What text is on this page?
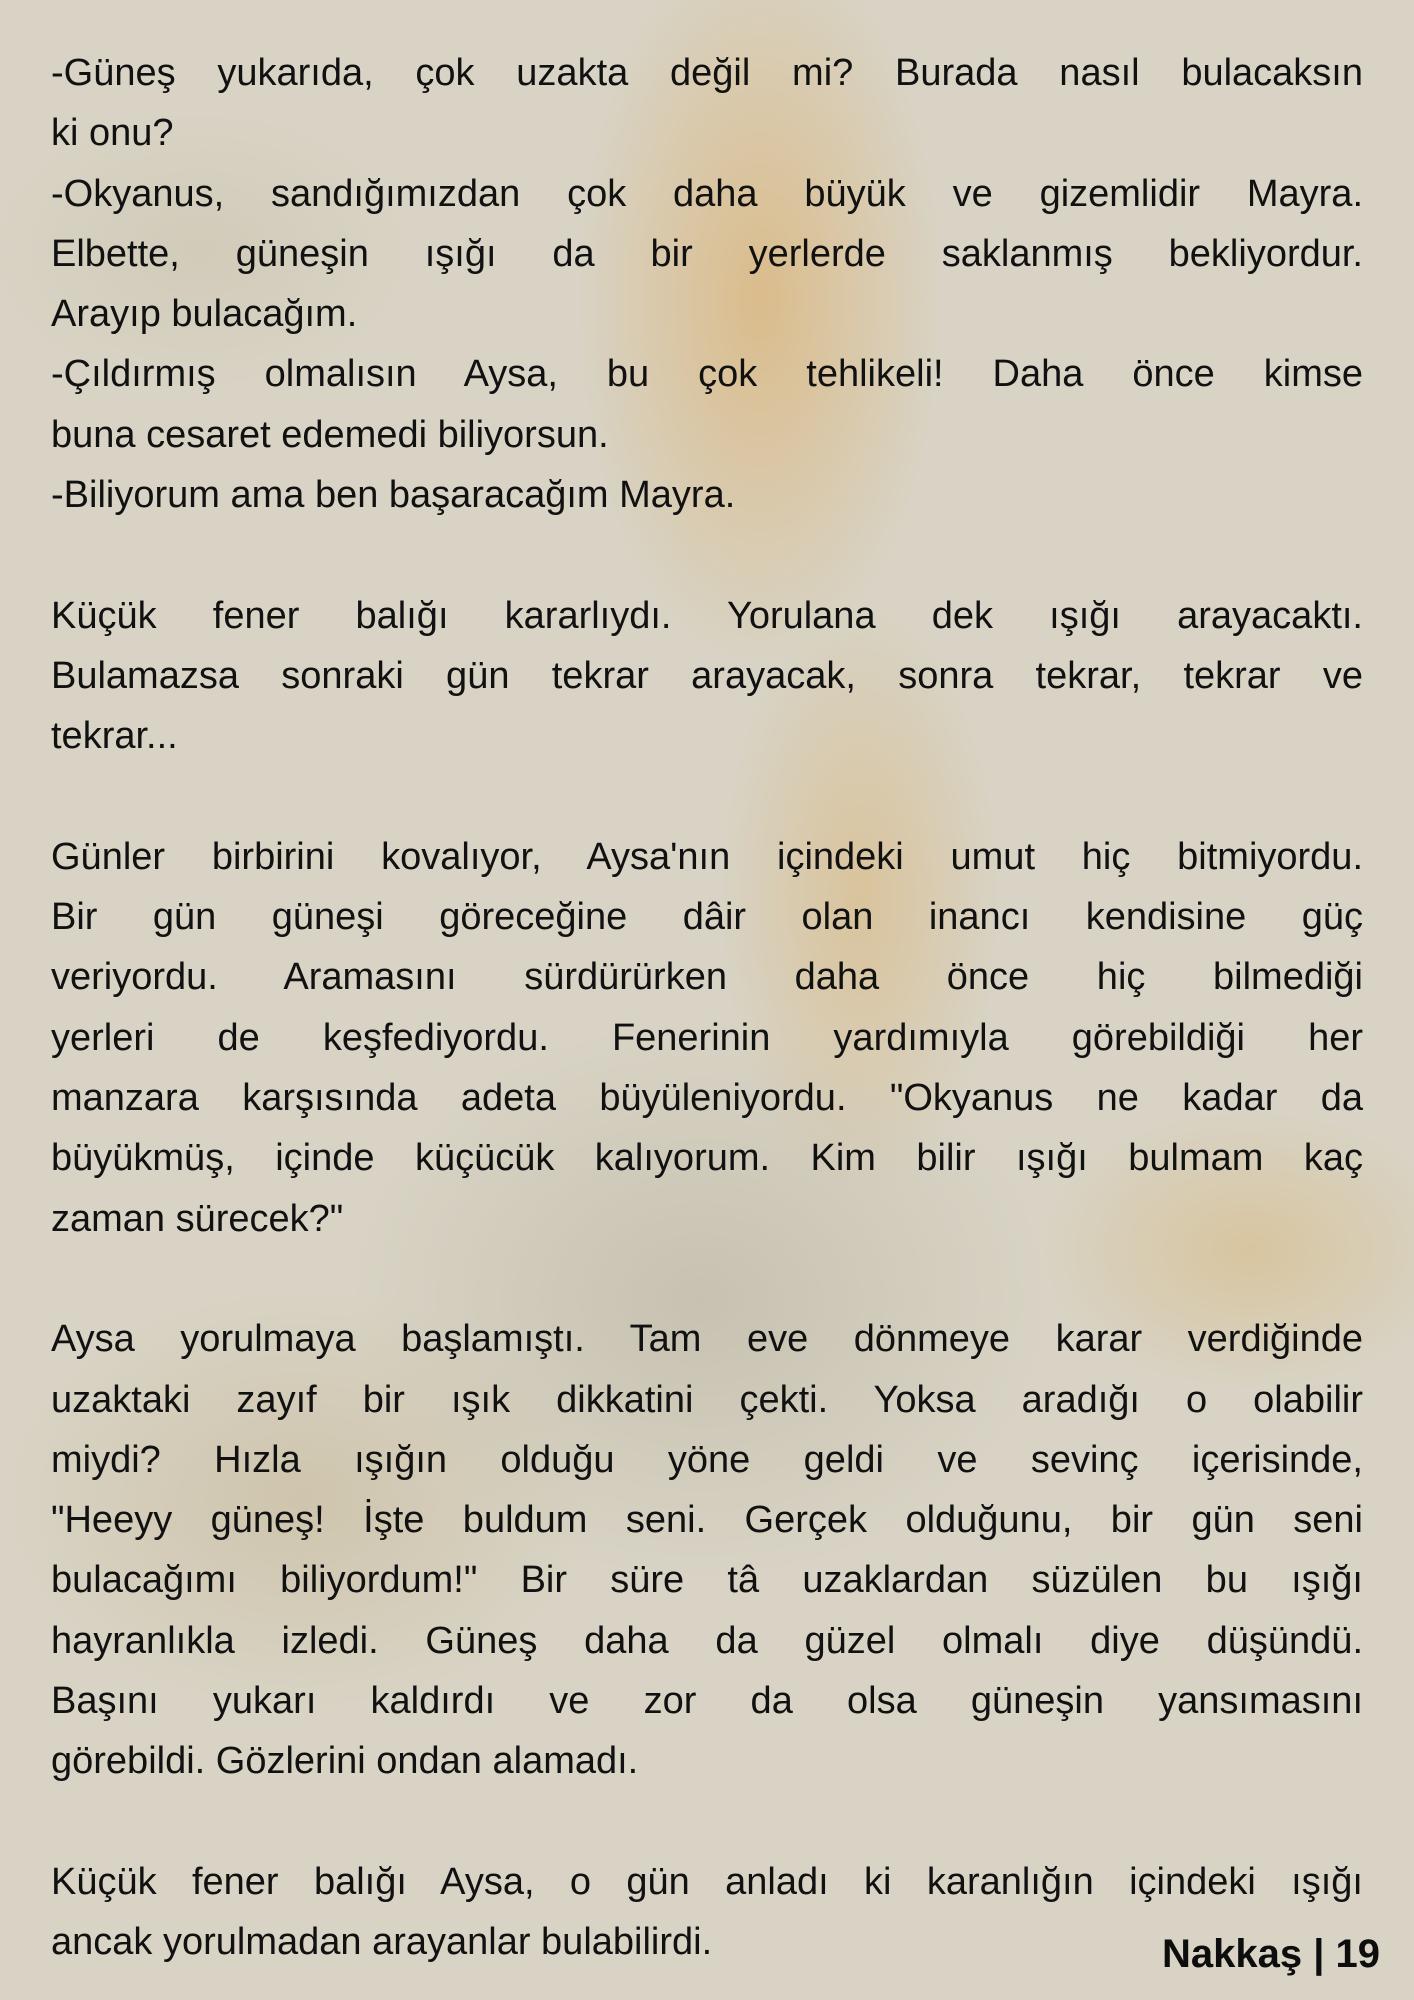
-Güneş yukarıda, çok uzakta değil mi? Burada nasıl bulacaksın
ki onu?
-Okyanus, sandığımızdan çok daha büyük ve gizemlidir Mayra.
Elbette, güneşin ışığı da bir yerlerde saklanmış bekliyordur.
Arayıp bulacağım.
-Çıldırmış olmalısın Aysa, bu çok tehlikeli! Daha önce kimse
buna cesaret edemedi biliyorsun.
-Biliyorum ama ben başaracağım Mayra.
Küçük fener balığı kararlıydı. Yorulana dek ışığı arayacaktı.
Bulamazsa sonraki gün tekrar arayacak, sonra tekrar, tekrar ve
tekrar...
Günler birbirini kovalıyor, Aysa'nın içindeki umut hiç bitmiyordu.
Bir gün güneşi göreceğine dâir olan inancı kendisine güç
veriyordu. Aramasını sürdürürken daha önce hiç bilmediği
yerleri de keşfediyordu. Fenerinin yardımıyla görebildiği her
manzara karşısında adeta büyüleniyordu. "Okyanus ne kadar da
büyükmüş, içinde küçücük kalıyorum. Kim bilir ışığı bulmam kaç
zaman sürecek?"
Aysa yorulmaya başlamıştı. Tam eve dönmeye karar verdiğinde
uzaktaki zayıf bir ışık dikkatini çekti. Yoksa aradığı o olabilir
miydi? Hızla ışığın olduğu yöne geldi ve sevinç içerisinde,
"Heeyy güneş! İşte buldum seni. Gerçek olduğunu, bir gün seni
bulacağımı biliyordum!" Bir süre tâ uzaklardan süzülen bu ışığı
hayranlıkla izledi. Güneş daha da güzel olmalı diye düşündü.
Başını yukarı kaldırdı ve zor da olsa güneşin yansımasını
görebildi. Gözlerini ondan alamadı.
Küçük fener balığı Aysa, o gün anladı ki karanlığın içindeki ışığı
ancak yorulmadan arayanlar bulabilirdi.	Nakkaş | 19
